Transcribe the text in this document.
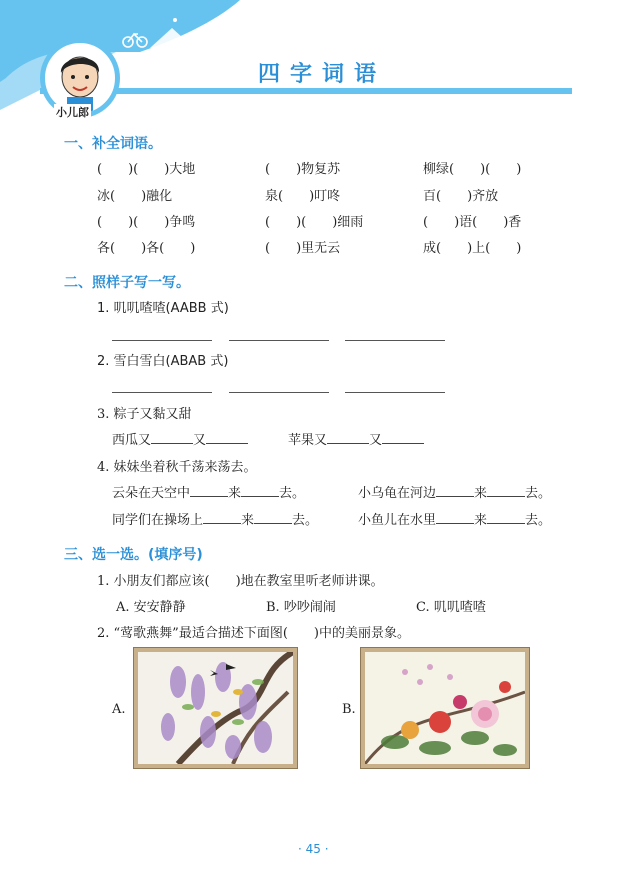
小儿郎
四字词语
一、补全词语。
(　　)(　　)大地	(　　)物复苏	柳绿(　　)(　　)
冰(　　)融化	泉(　　)叮咚	百(　　)齐放
(　　)(　　)争鸣	(　　)(　　)细雨	(　　)语(　　)香
各(　　)各(　　)	(　　)里无云	成(　　)上(　　)
二、照样子写一写。
1. 叽叽喳喳(AABB 式)
2. 雪白雪白(ABAB 式)
3. 粽子又黏又甜
西瓜又	又	苹果又	又
4. 妹妹坐着秋千荡来荡去。
云朵在天空中	来	去。	小乌龟在河边	来	去。
同学们在操场上	来	去。	小鱼儿在水里	来	去。
三、选一选。(填序号)
1. 小朋友们都应该(　　)地在教室里听老师讲课。
A. 安安静静	B. 吵吵闹闹	C. 叽叽喳喳
2. “莺歌燕舞”最适合描述下面图(　　)中的美丽景象。
A.	B.
· 45 ·
